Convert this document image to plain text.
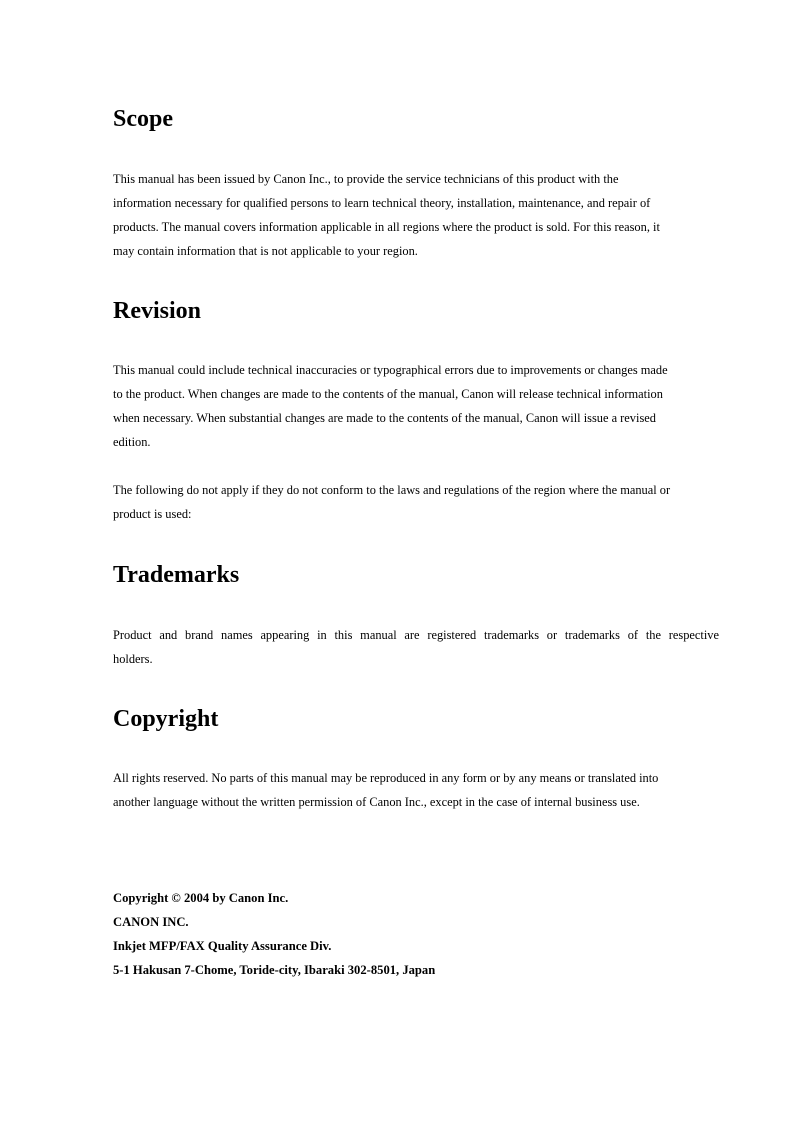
Scope

This manual has been issued by Canon Inc., to provide the service technicians of this product with the
information necessary for qualified persons to learn technical theory, installation, maintenance, and repair of
products. The manual covers information applicable in all regions where the product is sold. For this reason, it
may contain information that is not applicable to your region.

Revision

This manual could include technical inaccuracies or typographical errors due to improvements or changes made
to the product. When changes are made to the contents of the manual, Canon will release technical information
when necessary. When substantial changes are made to the contents of the manual, Canon will issue a revised
edition.

The following do not apply if they do not conform to the laws and regulations of the region where the manual or
product is used:

Trademarks

Product and brand names appearing in this manual are registered trademarks or trademarks of the respective
holders.

Copyright

All rights reserved. No parts of this manual may be reproduced in any form or by any means or translated into
another language without the written permission of Canon Inc., except in the case of internal business use.

Copyright © 2004 by Canon Inc.
CANON INC.
Inkjet MFP/FAX Quality Assurance Div.
5-1 Hakusan 7-Chome, Toride-city, Ibaraki 302-8501, Japan
